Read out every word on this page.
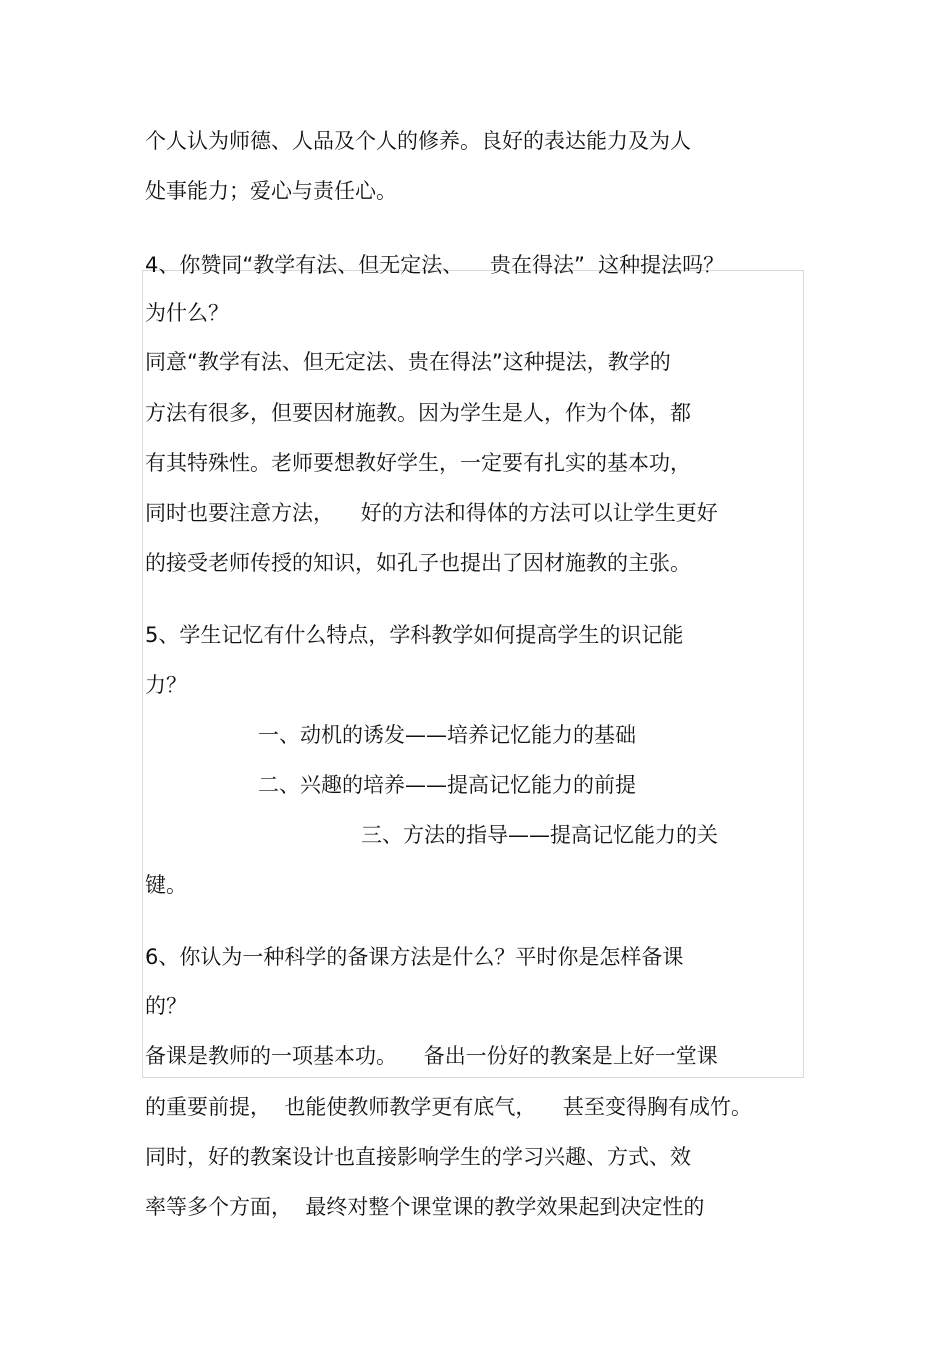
个人认为师德、人品及个人的修养。良好的表达能力及为人
处事能力；爱心与责任心。
4、你赞同“教学有法、但无定法、    贵在得法”  这种提法吗？
为什么？
同意“教学有法、但无定法、贵在得法”这种提法，教学的
方法有很多，但要因材施教。因为学生是人，作为个体，都
有其特殊性。老师要想教好学生，一定要有扎实的基本功，
同时也要注意方法，    好的方法和得体的方法可以让学生更好
的接受老师传授的知识，如孔子也提出了因材施教的主张。
5、学生记忆有什么特点，学科教学如何提高学生的识记能
力？
一、动机的诱发——培养记忆能力的基础
二、兴趣的培养——提高记忆能力的前提
三、方法的指导——提高记忆能力的关
键。
6、你认为一种科学的备课方法是什么？平时你是怎样备课
的？
备课是教师的一项基本功。    备出一份好的教案是上好一堂课
的重要前提，  也能使教师教学更有底气，    甚至变得胸有成竹。
同时，好的教案设计也直接影响学生的学习兴趣、方式、效
率等多个方面，  最终对整个课堂课的教学效果起到决定性的
